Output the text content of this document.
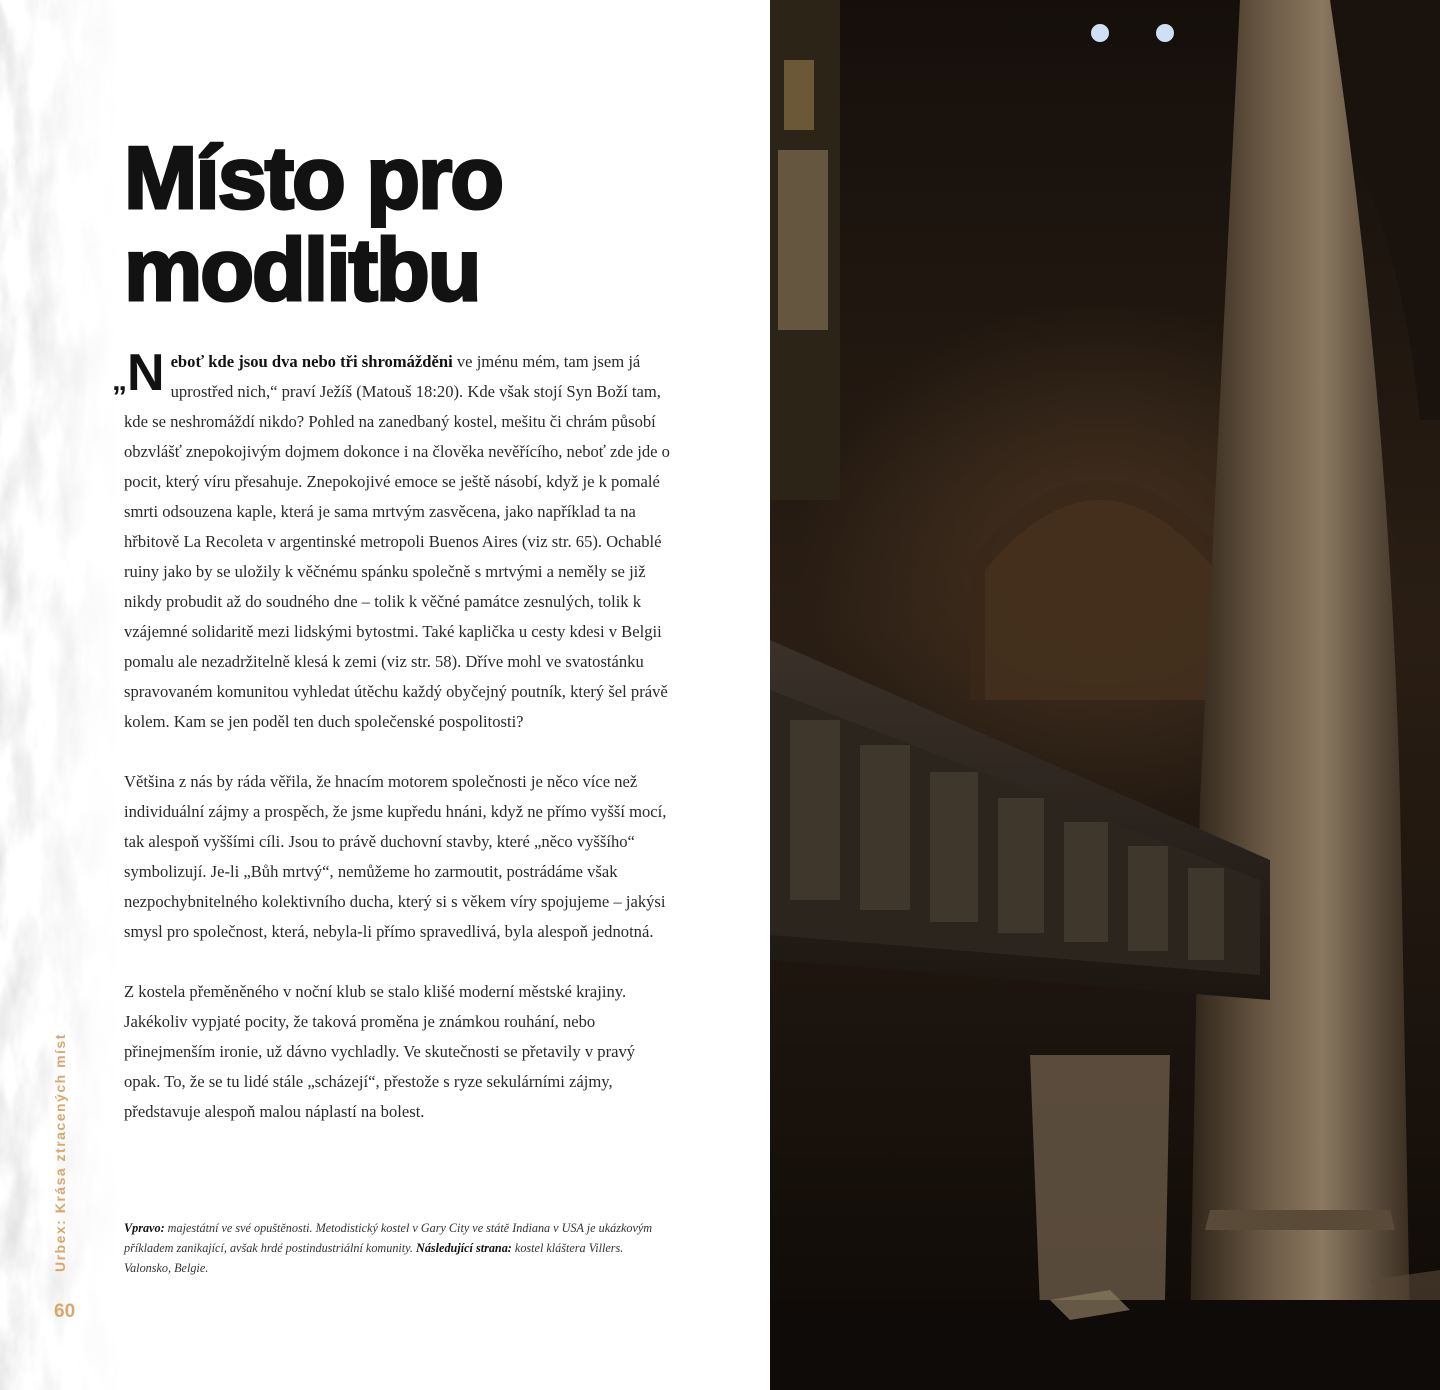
Místo pro
modlitbu

„N eboť kde jsou dva nebo tři shromážděni ve jménu mém, tam jsem já uprostřed nich,“ praví Ježíš (Matouš 18:20). Kde však stojí Syn Boží tam, kde se neshromáždí nikdo? Pohled na zanedbaný kostel, mešitu či chrám působí obzvlášť znepokojivým dojmem dokonce i na člověka nevěřícího, neboť zde jde o pocit, který víru přesahuje. Znepokojivé emoce se ještě násobí, když je k pomalé smrti odsouzena kaple, která je sama mrtvým zasvěcena, jako například ta na hřbitově La Recoleta v argentinské metropoli Buenos Aires (viz str. 65). Ochablé ruiny jako by se uložily k věčnému spánku společně s mrtvými a neměly se již nikdy probudit až do soudného dne – tolik k věčné památce zesnulých, tolik k vzájemné solidaritě mezi lidskými bytostmi. Také kaplička u cesty kdesi v Belgii pomalu ale nezadržitelně klesá k zemi (viz str. 58). Dříve mohl ve svatostánku spravovaném komunitou vyhledat útěchu každý obyčejný poutník, který šel právě kolem. Kam se jen poděl ten duch společenské pospolitosti?

Většina z nás by ráda věřila, že hnacím motorem společnosti je něco více než individuální zájmy a prospěch, že jsme kupředu hnáni, když ne přímo vyšší mocí, tak alespoň vyššími cíli. Jsou to právě duchovní stavby, které „něco vyššího“ symbolizují. Je-li „Bůh mrtvý“, nemůžeme ho zarmoutit, postrádáme však nezpochybnitelného kolektivního ducha, který si s věkem víry spojujeme – jakýsi smysl pro společnost, která, nebyla-li přímo spravedlivá, byla alespoň jednotná.

Z kostela přeměněného v noční klub se stalo klišé moderní městské krajiny. Jakékoliv vypjaté pocity, že taková proměna je známkou rouhání, nebo přinejmenším ironie, už dávno vychladly. Ve skutečnosti se přetavily v pravý opak. To, že se tu lidé stále „scházejí“, přestože s ryze sekulárními zájmy, představuje alespoň malou náplastí na bolest.

Vpravo: majestátní ve své opuštěnosti. Metodistický kostel v Gary City ve státě Indiana v USA je ukázkovým příkladem zanikající, avšak hrdé postindustriální komunity. Následující strana: kostel kláštera Villers. Valonsko, Belgie.
Urbex: Krása ztracených míst
60
